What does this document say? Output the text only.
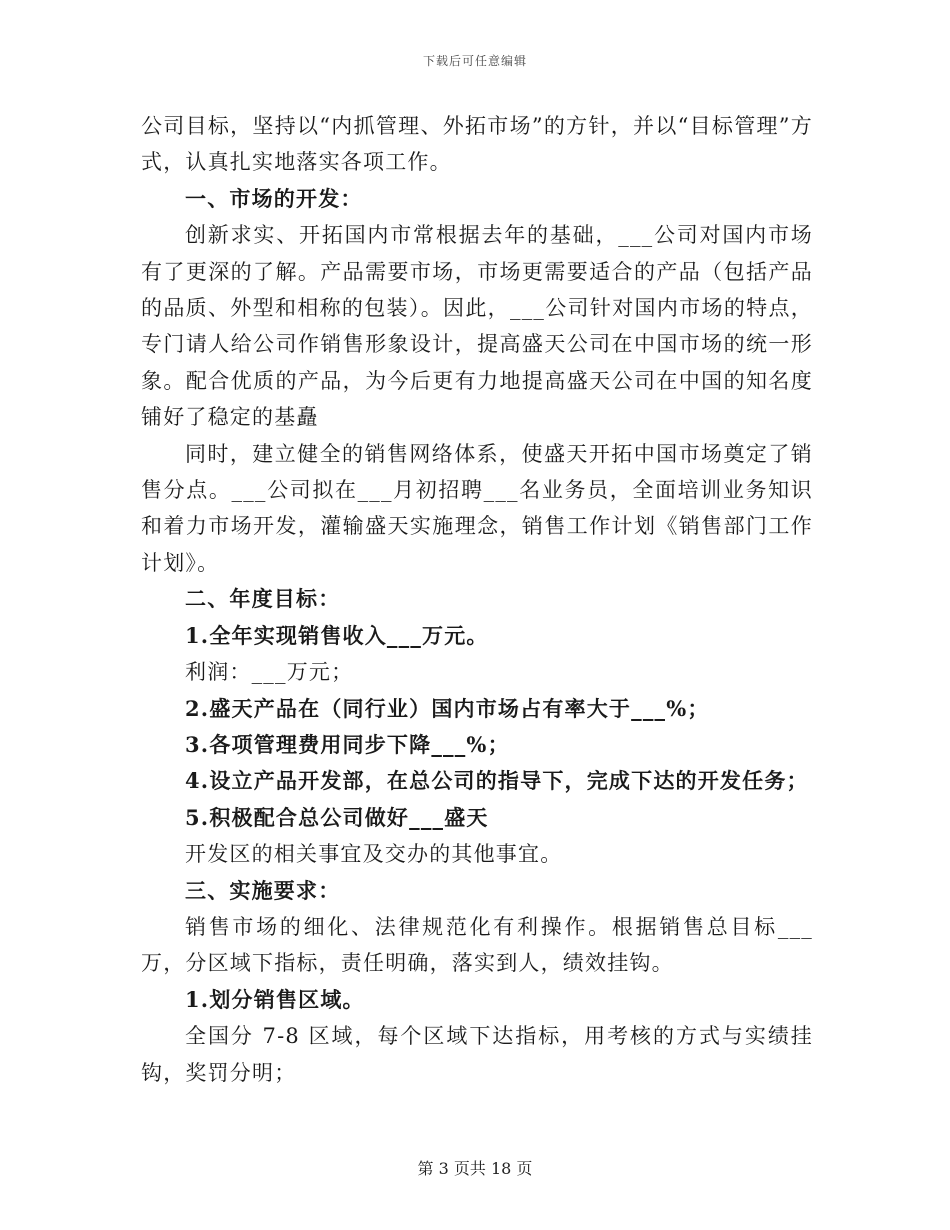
下载后可任意编辑

公司目标，坚持以“内抓管理、外拓市场”的方针，并以“目标管理”方式，认真扎实地落实各项工作。

一、市场的开发：

创新求实、开拓国内市常根据去年的基础，___公司对国内市场有了更深的了解。产品需要市场，市场更需要适合的产品（包括产品的品质、外型和相称的包装）。因此，___公司针对国内市场的特点，专门请人给公司作销售形象设计，提高盛天公司在中国市场的统一形象。配合优质的产品，为今后更有力地提高盛天公司在中国的知名度铺好了稳定的基矗

同时，建立健全的销售网络体系，使盛天开拓中国市场奠定了销售分点。___公司拟在___月初招聘___名业务员，全面培训业务知识和着力市场开发，灌输盛天实施理念，销售工作计划《销售部门工作计划》。

二、年度目标：

1.全年实现销售收入___万元。

利润：___万元；

2.盛天产品在（同行业）国内市场占有率大于___%；

3.各项管理费用同步下降___%；

4.设立产品开发部，在总公司的指导下，完成下达的开发任务；

5.积极配合总公司做好___盛天

开发区的相关事宜及交办的其他事宜。

三、实施要求：

销售市场的细化、法律规范化有利操作。根据销售总目标___万，分区域下指标，责任明确，落实到人，绩效挂钩。

1.划分销售区域。

全国分 7-8 区域，每个区域下达指标，用考核的方式与实绩挂钩，奖罚分明；

第 3 页共 18 页
